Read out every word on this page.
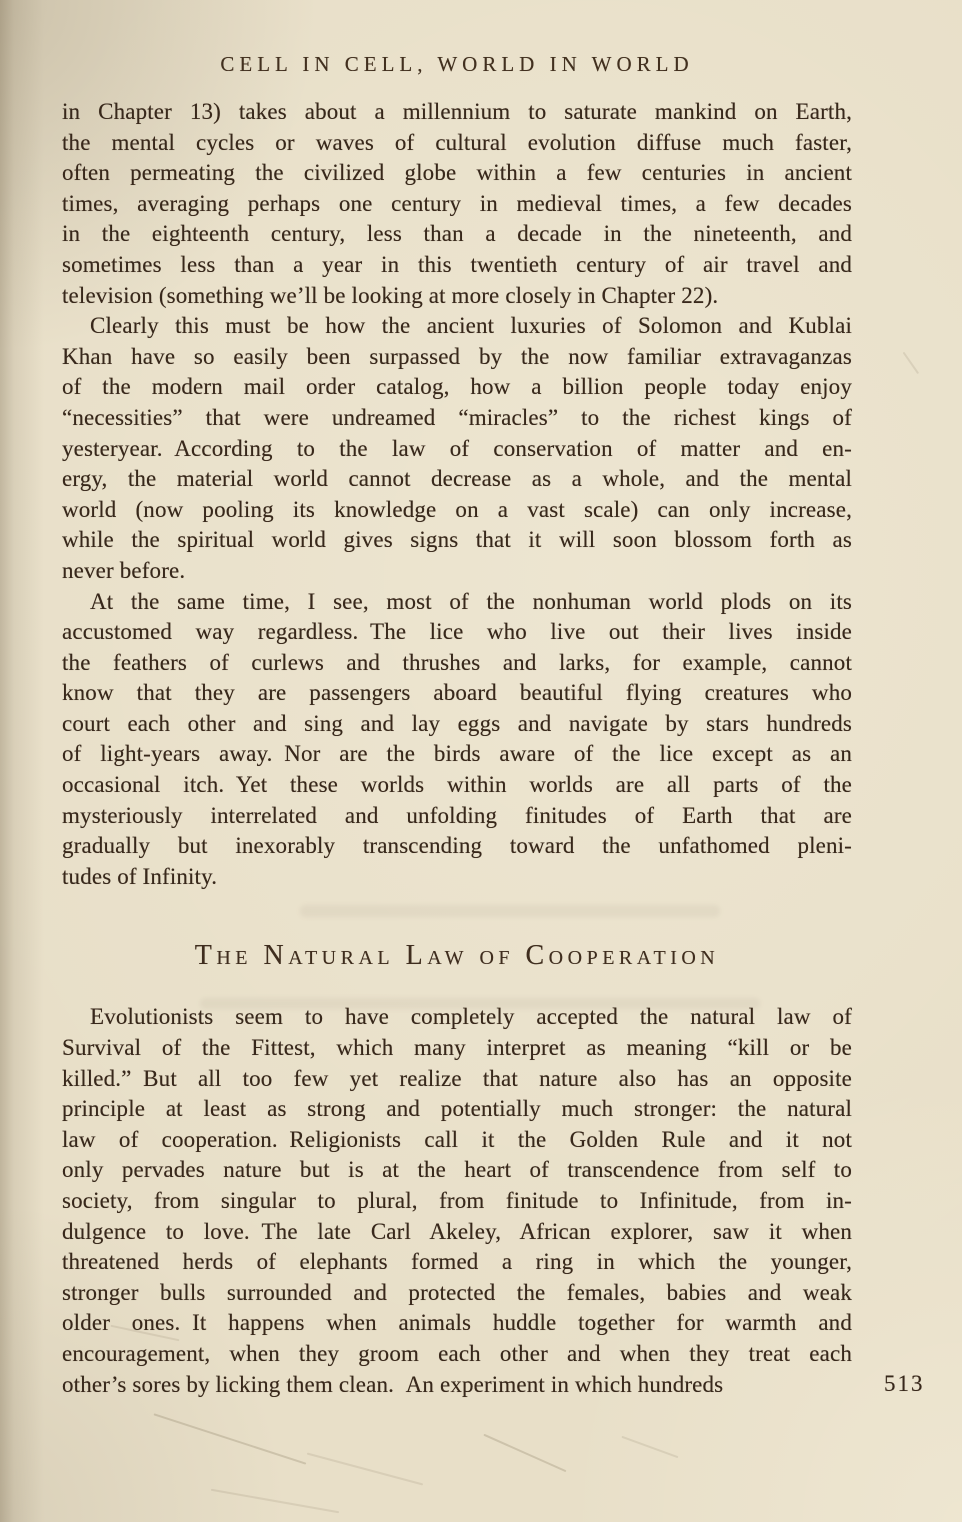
CELL IN CELL, WORLD IN WORLD
in Chapter 13) takes about a millennium to saturate mankind on Earth,
the mental cycles or waves of cultural evolution diffuse much faster,
often permeating the civilized globe within a few centuries in ancient
times, averaging perhaps one century in medieval times, a few decades
in the eighteenth century, less than a decade in the nineteenth, and
sometimes less than a year in this twentieth century of air travel and
television (something we’ll be looking at more closely in Chapter 22).
Clearly this must be how the ancient luxuries of Solomon and Kublai
Khan have so easily been surpassed by the now familiar extravaganzas
of the modern mail order catalog, how a billion people today enjoy
“necessities” that were undreamed “miracles” to the richest kings of
yesteryear. According to the law of conservation of matter and en-
ergy, the material world cannot decrease as a whole, and the mental
world (now pooling its knowledge on a vast scale) can only increase,
while the spiritual world gives signs that it will soon blossom forth as
never before.
At the same time, I see, most of the nonhuman world plods on its
accustomed way regardless. The lice who live out their lives inside
the feathers of curlews and thrushes and larks, for example, cannot
know that they are passengers aboard beautiful flying creatures who
court each other and sing and lay eggs and navigate by stars hundreds
of light-years away. Nor are the birds aware of the lice except as an
occasional itch. Yet these worlds within worlds are all parts of the
mysteriously interrelated and unfolding finitudes of Earth that are
gradually but inexorably transcending toward the unfathomed pleni-
tudes of Infinity.
The Natural Law of Cooperation
Evolutionists seem to have completely accepted the natural law of
Survival of the Fittest, which many interpret as meaning “kill or be
killed.” But all too few yet realize that nature also has an opposite
principle at least as strong and potentially much stronger: the natural
law of cooperation. Religionists call it the Golden Rule and it not
only pervades nature but is at the heart of transcendence from self to
society, from singular to plural, from finitude to Infinitude, from in-
dulgence to love. The late Carl Akeley, African explorer, saw it when
threatened herds of elephants formed a ring in which the younger,
stronger bulls surrounded and protected the females, babies and weak
older ones. It happens when animals huddle together for warmth and
encouragement, when they groom each other and when they treat each
other’s sores by licking them clean. An experiment in which hundreds	513
